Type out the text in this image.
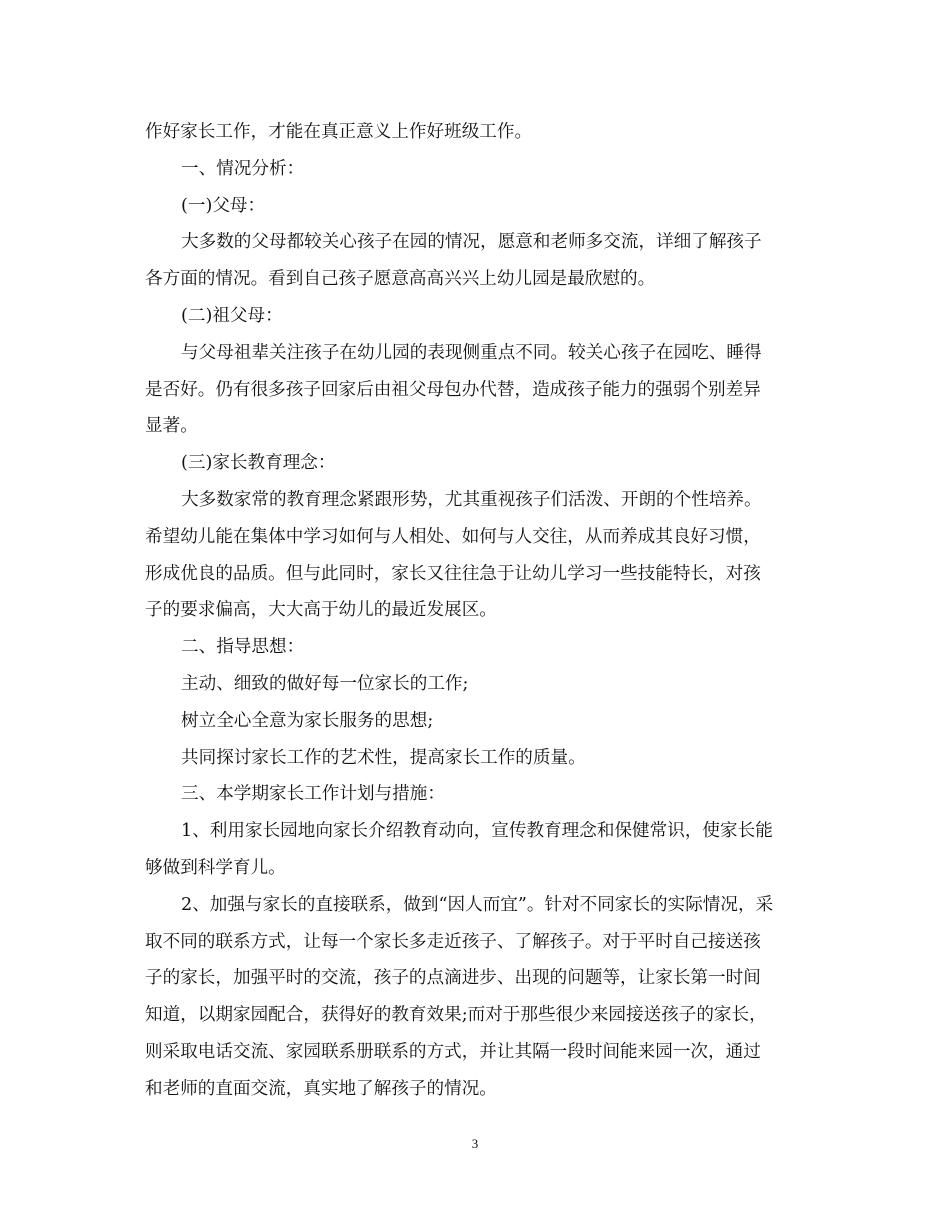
作好家长工作，才能在真正意义上作好班级工作。
一、情况分析：
(一)父母：
大多数的父母都较关心孩子在园的情况，愿意和老师多交流，详细了解孩子
各方面的情况。看到自己孩子愿意高高兴兴上幼儿园是最欣慰的。
(二)祖父母：
与父母祖辈关注孩子在幼儿园的表现侧重点不同。较关心孩子在园吃、睡得
是否好。仍有很多孩子回家后由祖父母包办代替，造成孩子能力的强弱个别差异
显著。
(三)家长教育理念：
大多数家常的教育理念紧跟形势，尤其重视孩子们活泼、开朗的个性培养。
希望幼儿能在集体中学习如何与人相处、如何与人交往，从而养成其良好习惯，
形成优良的品质。但与此同时，家长又往往急于让幼儿学习一些技能特长，对孩
子的要求偏高，大大高于幼儿的最近发展区。
二、指导思想：
主动、细致的做好每一位家长的工作;
树立全心全意为家长服务的思想;
共同探讨家长工作的艺术性，提高家长工作的质量。
三、本学期家长工作计划与措施：
1、利用家长园地向家长介绍教育动向，宣传教育理念和保健常识，使家长能
够做到科学育儿。
2、加强与家长的直接联系，做到“因人而宜”。针对不同家长的实际情况，采
取不同的联系方式，让每一个家长多走近孩子、了解孩子。对于平时自己接送孩
子的家长，加强平时的交流，孩子的点滴进步、出现的问题等，让家长第一时间
知道，以期家园配合，获得好的教育效果;而对于那些很少来园接送孩子的家长，
则采取电话交流、家园联系册联系的方式，并让其隔一段时间能来园一次，通过
和老师的直面交流，真实地了解孩子的情况。
3
